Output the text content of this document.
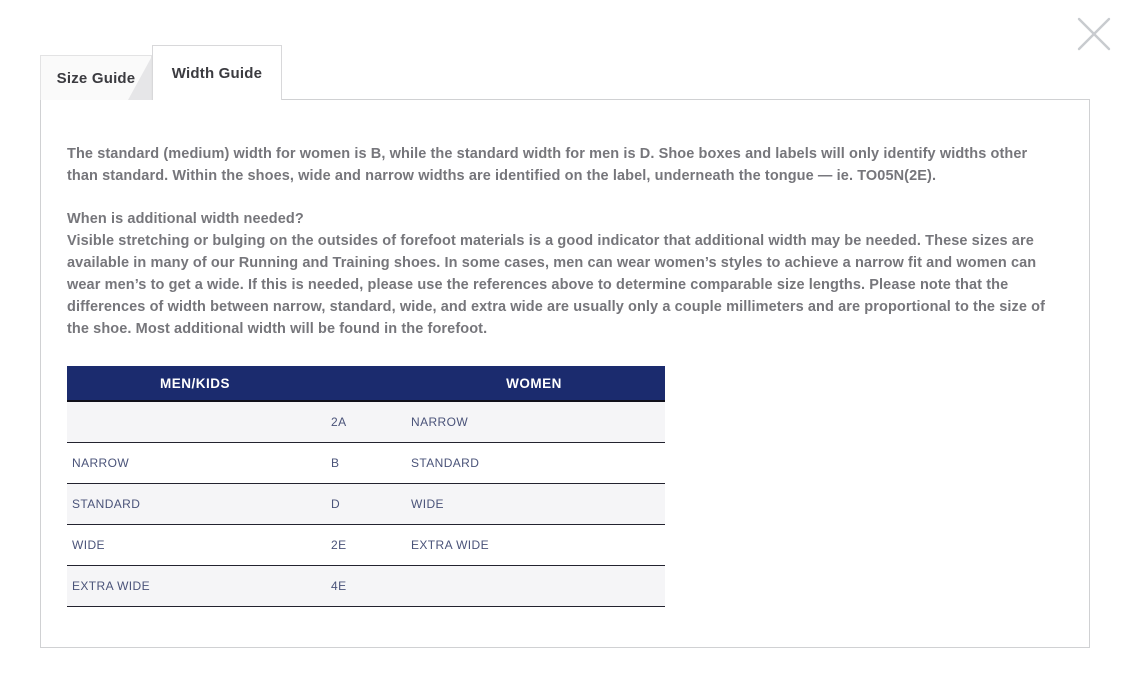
Size Guide Width Guide

The standard (medium) width for women is B, while the standard width for men is D. Shoe boxes and labels will only identify widths other than standard. Within the shoes, wide and narrow widths are identified on the label, underneath the tongue — ie. TO05N(2E).

When is additional width needed?
Visible stretching or bulging on the outsides of forefoot materials is a good indicator that additional width may be needed. These sizes are available in many of our Running and Training shoes. In some cases, men can wear women’s styles to achieve a narrow fit and women can wear men’s to get a wide. If this is needed, please use the references above to determine comparable size lengths. Please note that the differences of width between narrow, standard, wide, and extra wide are usually only a couple millimeters and are proportional to the size of the shoe. Most additional width will be found in the forefoot.
MEN/KIDS		WOMEN
	2A	NARROW
NARROW	B	STANDARD
STANDARD	D	WIDE
WIDE	2E	EXTRA WIDE
EXTRA WIDE	4E	
